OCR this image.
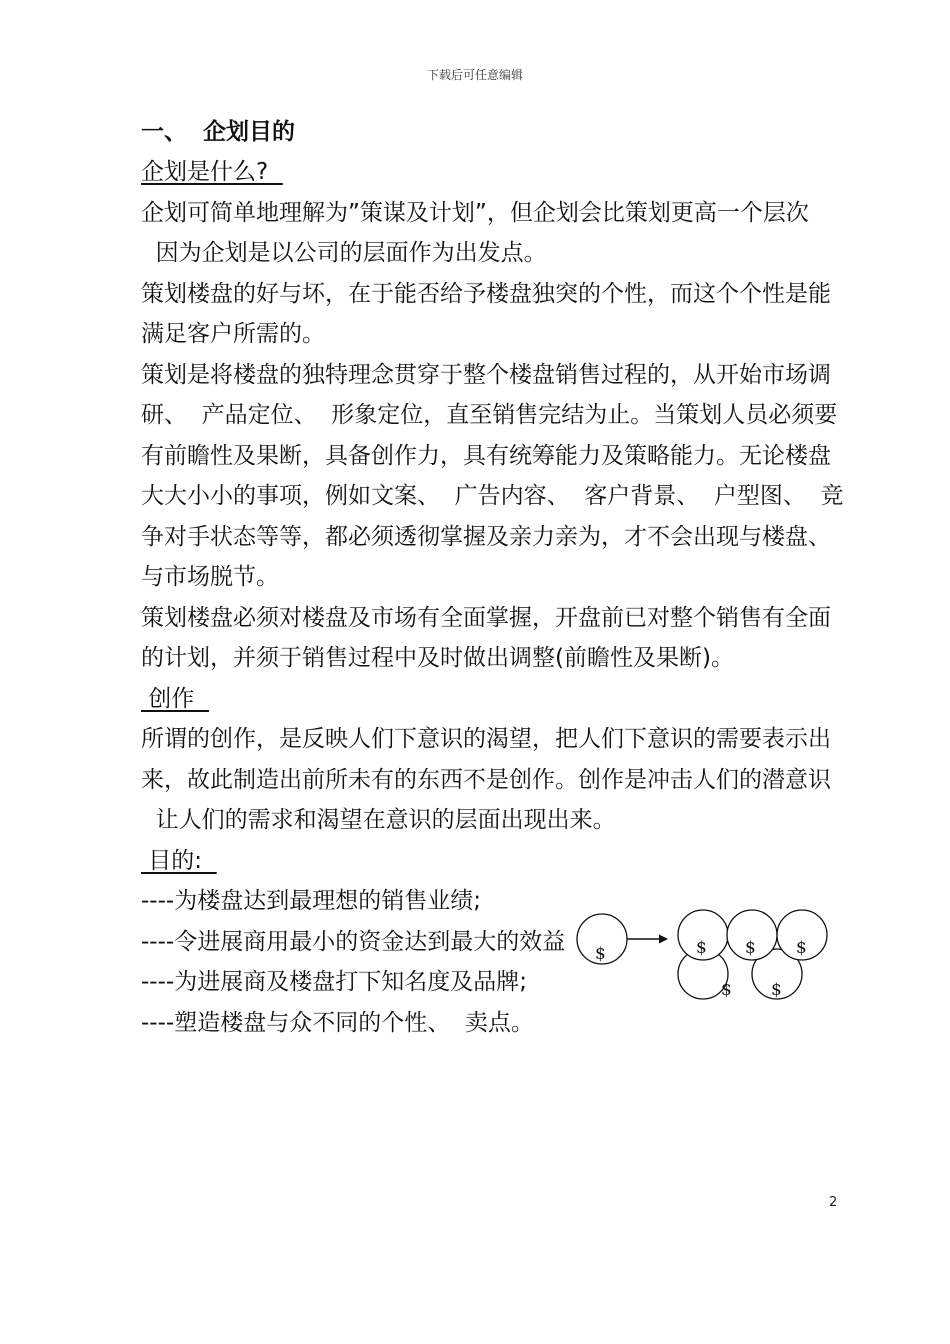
下载后可任意编辑
一、  企划目的
企划是什么?
企划可简单地理解为”策谋及计划”，但企划会比策划更高一个层次
因为企划是以公司的层面作为出发点。
策划楼盘的好与坏，在于能否给予楼盘独突的个性，而这个个性是能
满足客户所需的。
策划是将楼盘的独特理念贯穿于整个楼盘销售过程的，从开始市场调
研、  产品定位、  形象定位，直至销售完结为止。当策划人员必须要
有前瞻性及果断，具备创作力，具有统筹能力及策略能力。无论楼盘
大大小小的事项，例如文案、  广告内容、  客户背景、  户型图、  竞
争对手状态等等，都必须透彻掌握及亲力亲为，才不会出现与楼盘、
与市场脱节。
策划楼盘必须对楼盘及市场有全面掌握，开盘前已对整个销售有全面
的计划，并须于销售过程中及时做出调整(前瞻性及果断)。
创作
所谓的创作，是反映人们下意识的渴望，把人们下意识的需要表示出
来，故此制造出前所未有的东西不是创作。创作是冲击人们的潜意识
让人们的需求和渴望在意识的层面出现出来。
目的:
----为楼盘达到最理想的销售业绩;
----令进展商用最小的资金达到最大的效益
----为进展商及楼盘打下知名度及品牌;
----塑造楼盘与众不同的个性、  卖点。
$	$ $ $
$ $
2
